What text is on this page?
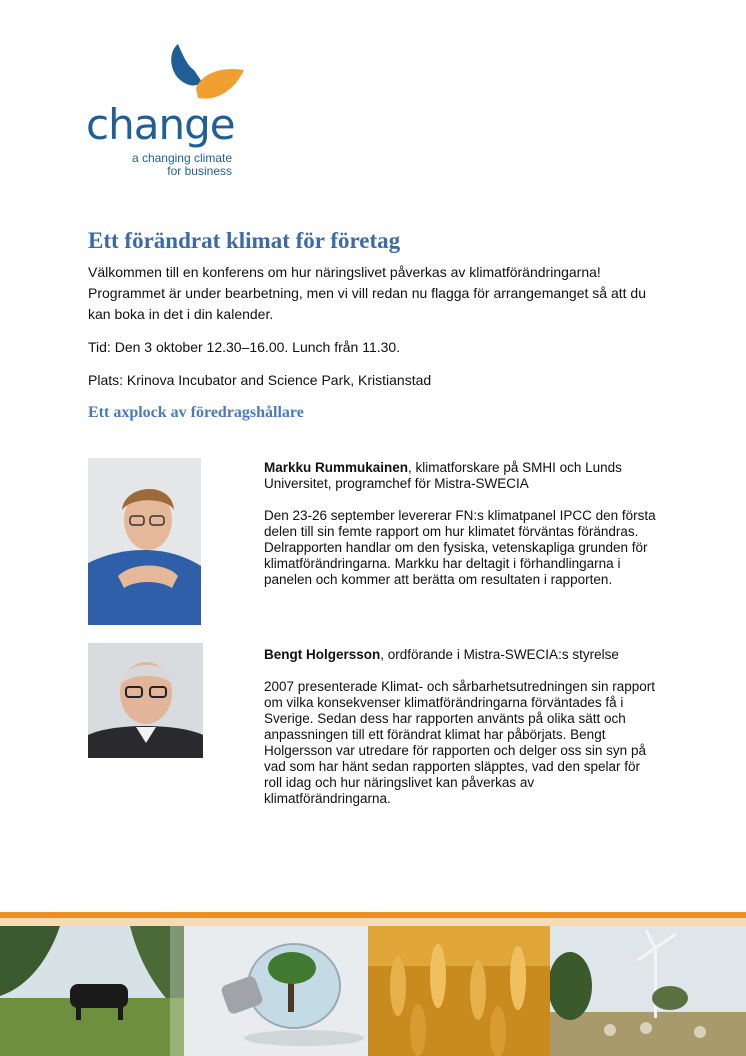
change
a changing climate
for business
Ett förändrat klimat för företag

Välkommen till en konferens om hur näringslivet påverkas av klimatförändringarna! Programmet är under bearbetning, men vi vill redan nu flagga för arrangemanget så att du kan boka in det i din kalender.

Tid: Den 3 oktober 12.30–16.00. Lunch från 11.30.

Plats: Krinova Incubator and Science Park, Kristianstad

Ett axplock av föredragshållare

Markku Rummukainen, klimatforskare på SMHI och Lunds Universitet, programchef för Mistra-SWECIA

Den 23-26 september levererar FN:s klimatpanel IPCC den första delen till sin femte rapport om hur klimatet förväntas förändras. Delrapporten handlar om den fysiska, vetenskapliga grunden för klimatförändringarna. Markku har deltagit i förhandlingarna i panelen och kommer att berätta om resultaten i rapporten.

Bengt Holgersson, ordförande i Mistra-SWECIA:s styrelse

2007 presenterade Klimat- och sårbarhetsutredningen sin rapport om vilka konsekvenser klimatförändringarna förväntades få i Sverige. Sedan dess har rapporten använts på olika sätt och anpassningen till ett förändrat klimat har påbörjats. Bengt Holgersson var utredare för rapporten och delger oss sin syn på vad som har hänt sedan rapporten släpptes, vad den spelar för roll idag och hur näringslivet kan påverkas av klimatförändringarna.
